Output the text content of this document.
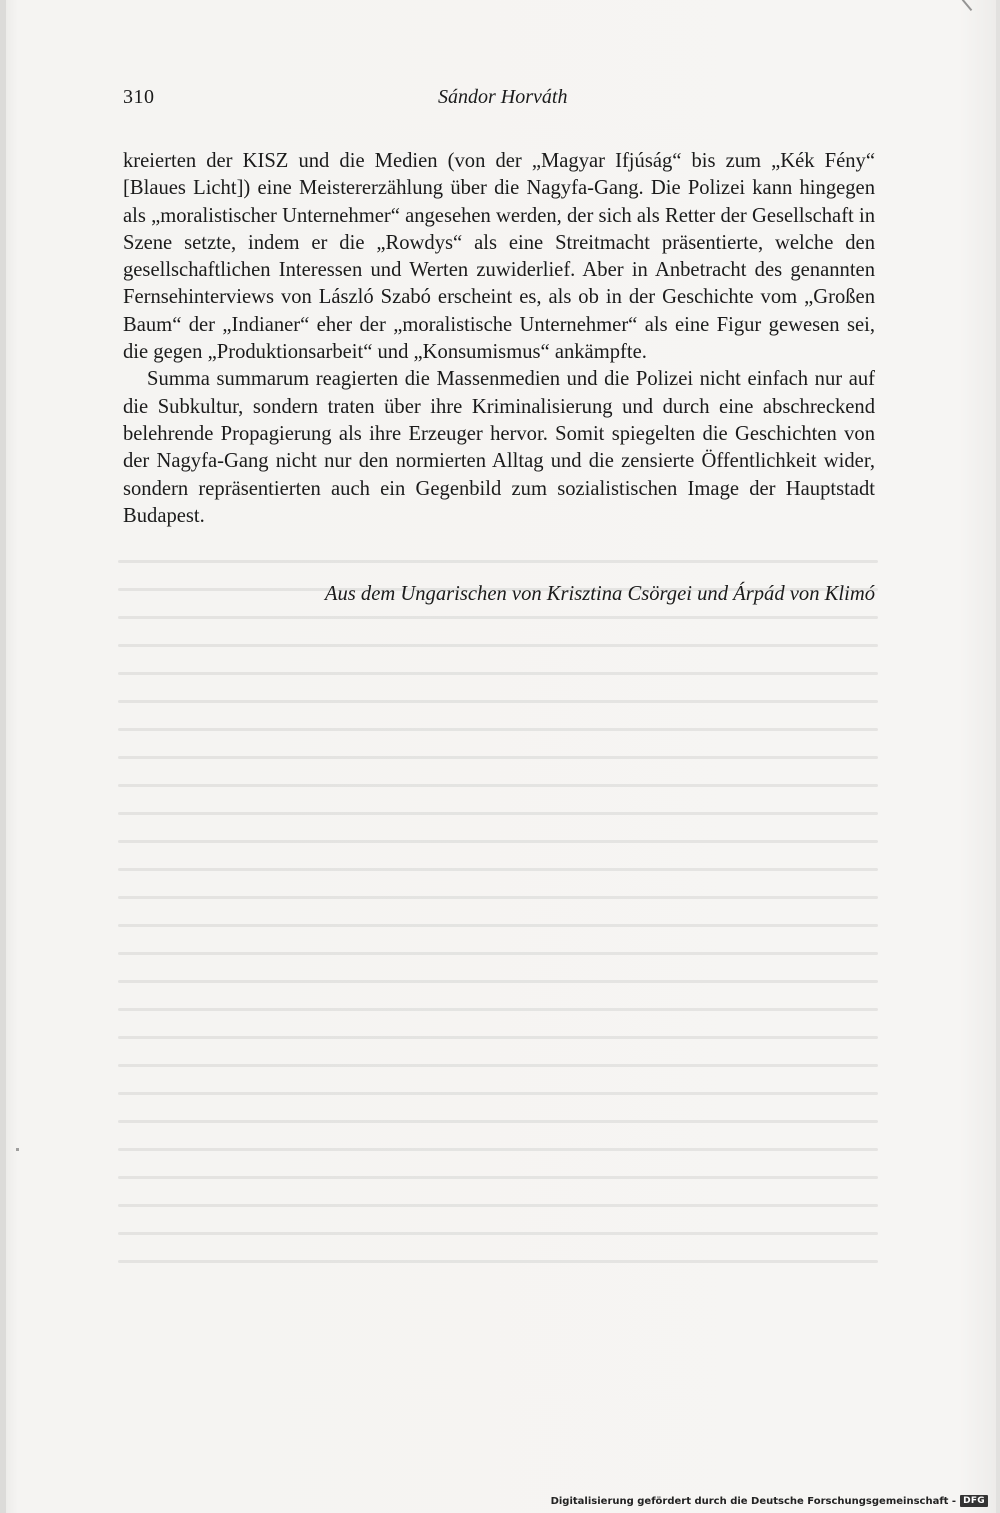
310	Sándor Horváth

kreierten der KISZ und die Medien (von der „Magyar Ifjúság“ bis zum „Kék Fény“ [Blaues Licht]) eine Meistererzählung über die Nagyfa-Gang. Die Polizei kann hingegen als „moralistischer Unternehmer“ angesehen werden, der sich als Retter der Gesellschaft in Szene setzte, indem er die „Rowdys“ als eine Streitmacht präsentierte, welche den gesellschaftlichen Interessen und Werten zuwiderlief. Aber in Anbetracht des genannten Fernsehinterviews von László Szabó erscheint es, als ob in der Geschichte vom „Großen Baum“ der „Indianer“ eher der „moralistische Unternehmer“ als eine Figur gewesen sei, die gegen „Produktionsarbeit“ und „Konsumismus“ ankämpfte.

Summa summarum reagierten die Massenmedien und die Polizei nicht einfach nur auf die Subkultur, sondern traten über ihre Kriminalisierung und durch eine abschreckend belehrende Propagierung als ihre Erzeuger hervor. Somit spiegelten die Geschichten von der Nagyfa-Gang nicht nur den normierten Alltag und die zensierte Öffentlichkeit wider, sondern repräsentierten auch ein Gegenbild zum sozialistischen Image der Hauptstadt Budapest.

Aus dem Ungarischen von Krisztina Csörgei und Árpád von Klimó
Digitalisierung gefördert durch die Deutsche Forschungsgemeinschaft - DFG
